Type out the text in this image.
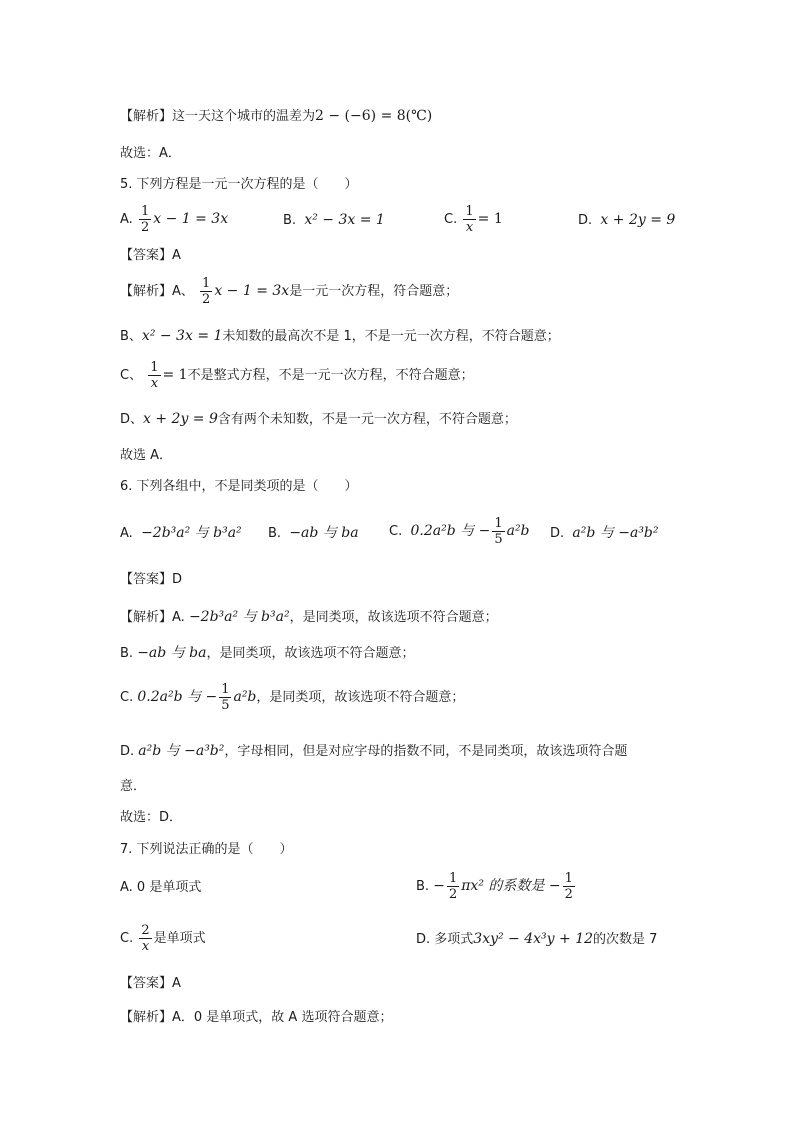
【解析】这一天这个城市的温差为2 − (−6) = 8(℃)
故选：A．
5. 下列方程是一元一次方程的是（　　）
A. $\frac{1}{2}$ x − 1 = 3x	B. x² − 3x = 1	C. $\frac{1}{x} = 1$	D. x + 2y = 9
【答案】A
【解析】A、 $\frac{1}{2}$ x − 1 = 3x是一元一次方程，符合题意；
B、x² − 3x = 1未知数的最高次不是 1，不是一元一次方程，不符合题意；
C、 $\frac{1}{x} = 1$不是整式方程，不是一元一次方程，不符合题意；
D、x + 2y = 9含有两个未知数，不是一元一次方程，不符合题意；
故选 A．
6. 下列各组中，不是同类项的是（　　）
A. −2b³a² 与 b³a² B. −ab 与 ba C. 0.2a²b 与 − $\frac{1}{5} a^2b$ D. a²b 与 −a³b²
【答案】D
【解析】A. −2b³a² 与 b³a²，是同类项，故该选项不符合题意；
B. −ab 与 ba，是同类项，故该选项不符合题意；
C. 0.2a²b 与 − $\frac{1}{5} a^2b$，是同类项，故该选项不符合题意；
D. a²b 与 −a³b²，字母相同，但是对应字母的指数不同，不是同类项，故该选项符合题
意．
故选：D．
7. 下列说法正确的是（　　）
A. 0 是单项式	B. − $\frac{1}{2} \pi x^2$ 的系数是 − $\frac{1}{2}$
C. $\frac{2}{x}$ 是单项式	D. 多项式3xy² − 4x³y + 12的次数是 7
【答案】A
【解析】A．0 是单项式，故 A 选项符合题意；
